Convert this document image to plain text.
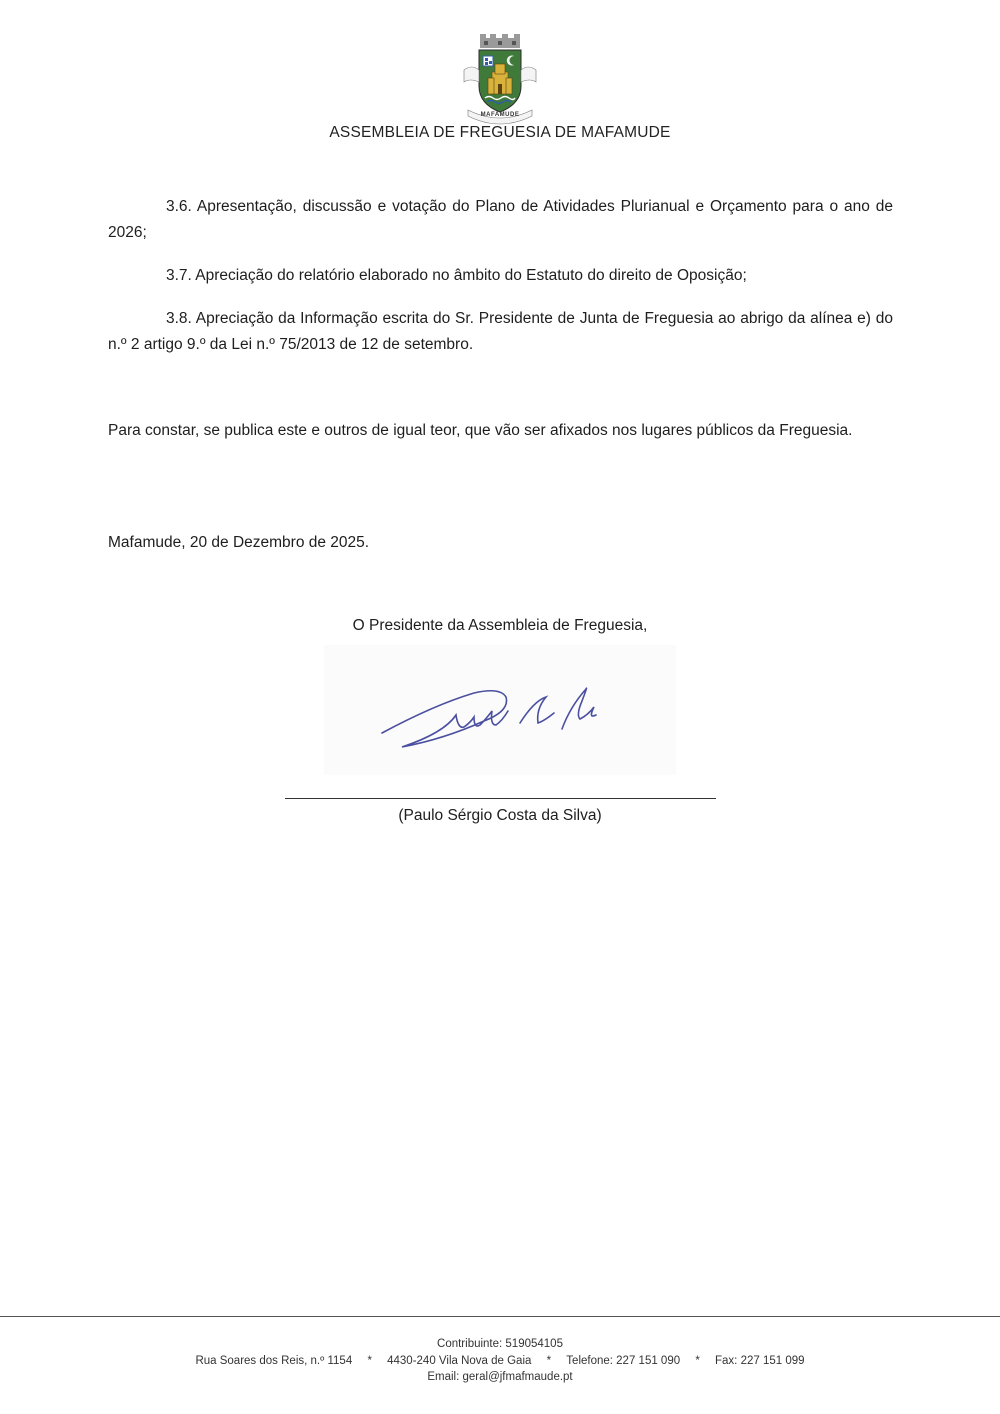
MAFAMUDE
ASSEMBLEIA DE FREGUESIA DE MAFAMUDE
3.6. Apresentação, discussão e votação do Plano de Atividades Plurianual e Orçamento para o ano de 2026;
3.7. Apreciação do relatório elaborado no âmbito do Estatuto do direito de Oposição;
3.8. Apreciação da Informação escrita do Sr. Presidente de Junta de Freguesia ao abrigo da alínea e) do n.º 2 artigo 9.º da Lei n.º 75/2013 de 12 de setembro.
Para constar, se publica este e outros de igual teor, que vão ser afixados nos lugares públicos da Freguesia.
Mafamude, 20 de Dezembro de 2025.
O Presidente da Assembleia de Freguesia,
(Paulo Sérgio Costa da Silva)
Contribuinte: 519054105
Rua Soares dos Reis, n.º 1154 * 4430-240 Vila Nova de Gaia * Telefone: 227 151 090 * Fax: 227 151 099
Email: geral@jfmafmaude.pt
